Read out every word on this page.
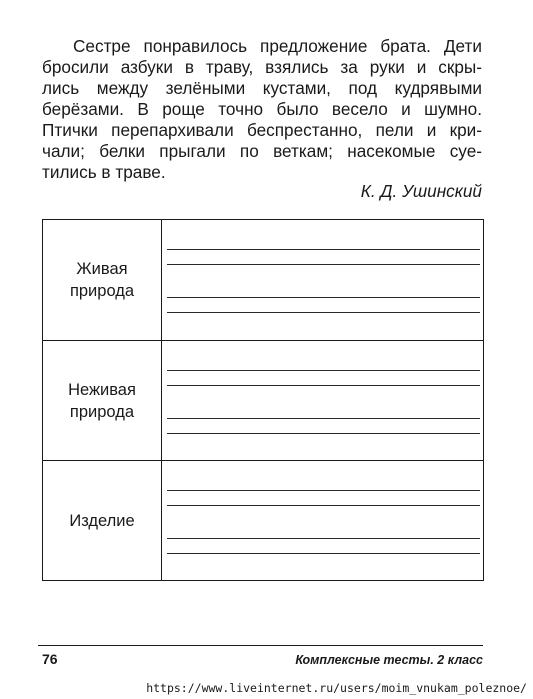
Сестре понравилось предложение брата. Дети
бросили азбуки в траву, взялись за руки и скры-
лись между зелёными кустами, под кудрявыми
берёзами. В роще точно было весело и шумно.
Птички перепархивали беспрестанно, пели и кри-
чали; белки прыгали по веткам; насекомые суе-
тились в траве.
К. Д. Ушинский
Живая
природа
Неживая
природа
Изделие
76	Комплексные тесты. 2 класс
https://www.liveinternet.ru/users/moim_vnukam_poleznoe/
